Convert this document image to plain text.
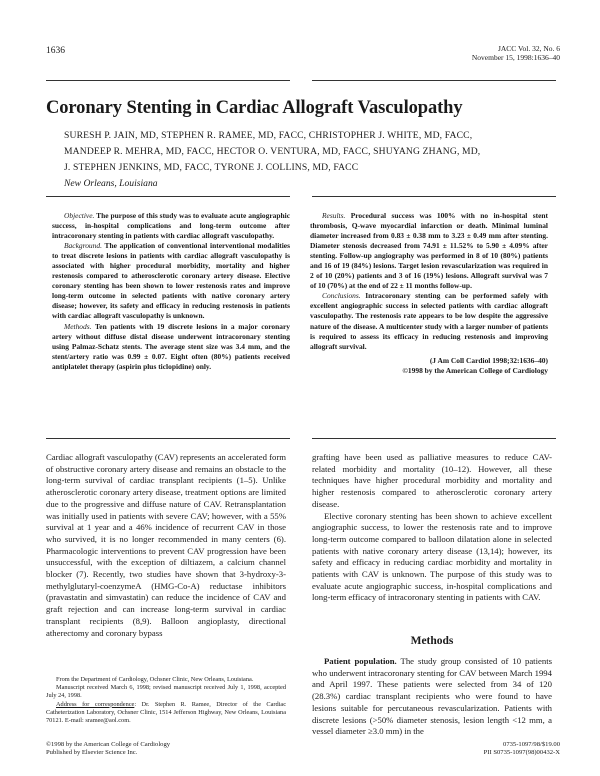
1636	JACC Vol. 32, No. 6
November 15, 1998:1636–40
Coronary Stenting in Cardiac Allograft Vasculopathy
SURESH P. JAIN, MD, STEPHEN R. RAMEE, MD, FACC, CHRISTOPHER J. WHITE, MD, FACC,
MANDEEP R. MEHRA, MD, FACC, HECTOR O. VENTURA, MD, FACC, SHUYANG ZHANG, MD,
J. STEPHEN JENKINS, MD, FACC, TYRONE J. COLLINS, MD, FACC
New Orleans, Louisiana

Objective. The purpose of this study was to evaluate acute angiographic success, in-hospital complications and long-term outcome after intracoronary stenting in patients with cardiac allograft vasculopathy.

Background. The application of conventional interventional modalities to treat discrete lesions in patients with cardiac allograft vasculopathy is associated with higher procedural morbidity, mortality and higher restenosis compared to atherosclerotic coronary artery disease. Elective coronary stenting has been shown to lower restenosis rates and improve long-term outcome in selected patients with native coronary artery disease; however, its safety and efficacy in reducing restenosis in patients with cardiac allograft vasculopathy is unknown.

Methods. Ten patients with 19 discrete lesions in a major coronary artery without diffuse distal disease underwent intracoronary stenting using Palmaz-Schatz stents. The average stent size was 3.4 mm, and the stent/artery ratio was 0.99 ± 0.07. Eight often (80%) patients received antiplatelet therapy (aspirin plus ticlopidine) only.

Results. Procedural success was 100% with no in-hospital stent thrombosis, Q-wave myocardial infarction or death. Minimal luminal diameter increased from 0.83 ± 0.38 mm to 3.23 ± 0.49 mm after stenting. Diameter stenosis decreased from 74.91 ± 11.52% to 5.90 ± 4.09% after stenting. Follow-up angiography was performed in 8 of 10 (80%) patients and 16 of 19 (84%) lesions. Target lesion revascularization was required in 2 of 10 (20%) patients and 3 of 16 (19%) lesions. Allograft survival was 7 of 10 (70%) at the end of 22 ± 11 months follow-up.

Conclusions. Intracoronary stenting can be performed safely with excellent angiographic success in selected patients with cardiac allograft vasculopathy. The restenosis rate appears to be low despite the aggressive nature of the disease. A multicenter study with a larger number of patients is required to assess its efficacy in reducing restenosis and improving allograft survival.

(J Am Coll Cardiol 1998;32:1636–40)
©1998 by the American College of Cardiology

Cardiac allograft vasculopathy (CAV) represents an accelerated form of obstructive coronary artery disease and remains an obstacle to the long-term survival of cardiac transplant recipients (1–5). Unlike atherosclerotic coronary artery disease, treatment options are limited due to the progressive and diffuse nature of CAV. Retransplantation was initially used in patients with severe CAV; however, with a 55% survival at 1 year and a 46% incidence of recurrent CAV in those who survived, it is no longer recommended in many centers (6). Pharmacologic interventions to prevent CAV progression have been unsuccessful, with the exception of diltiazem, a calcium channel blocker (7). Recently, two studies have shown that 3-hydroxy-3-methylglutaryl-coenzymeA (HMG-Co-A) reductase inhibitors (pravastatin and simvastatin) can reduce the incidence of CAV and graft rejection and can increase long-term survival in cardiac transplant recipients (8,9). Balloon angioplasty, directional atherectomy and coronary bypass

grafting have been used as palliative measures to reduce CAV-related morbidity and mortality (10–12). However, all these techniques have higher procedural morbidity and mortality and higher restenosis compared to atherosclerotic coronary artery disease.

Elective coronary stenting has been shown to achieve excellent angiographic success, to lower the restenosis rate and to improve long-term outcome compared to balloon dilatation alone in selected patients with native coronary artery disease (13,14); however, its safety and efficacy in reducing cardiac morbidity and mortality in patients with CAV is unknown. The purpose of this study was to evaluate acute angiographic success, in-hospital complications and long-term efficacy of intracoronary stenting in patients with CAV.

Methods

Patient population. The study group consisted of 10 patients who underwent intracoronary stenting for CAV between March 1994 and April 1997. These patients were selected from 34 of 120 (28.3%) cardiac transplant recipients who were found to have lesions suitable for percutaneous revascularization. Patients with discrete lesions (>50% diameter stenosis, lesion length <12 mm, a vessel diameter ≥3.0 mm) in the

From the Department of Cardiology, Ochsner Clinic, New Orleans, Louisiana.

Manuscript received March 6, 1998; revised manuscript received July 1, 1998, accepted July 24, 1998.

Address for correspondence: Dr. Stephen R. Ramee, Director of the Cardiac Catheterization Laboratory, Ochsner Clinic, 1514 Jefferson Highway, New Orleans, Louisiana 70121. E-mail: sramee@aol.com.

©1998 by the American College of Cardiology
Published by Elsevier Science Inc.
0735-1097/98/$19.00
PII S0735-1097(98)00432-X
